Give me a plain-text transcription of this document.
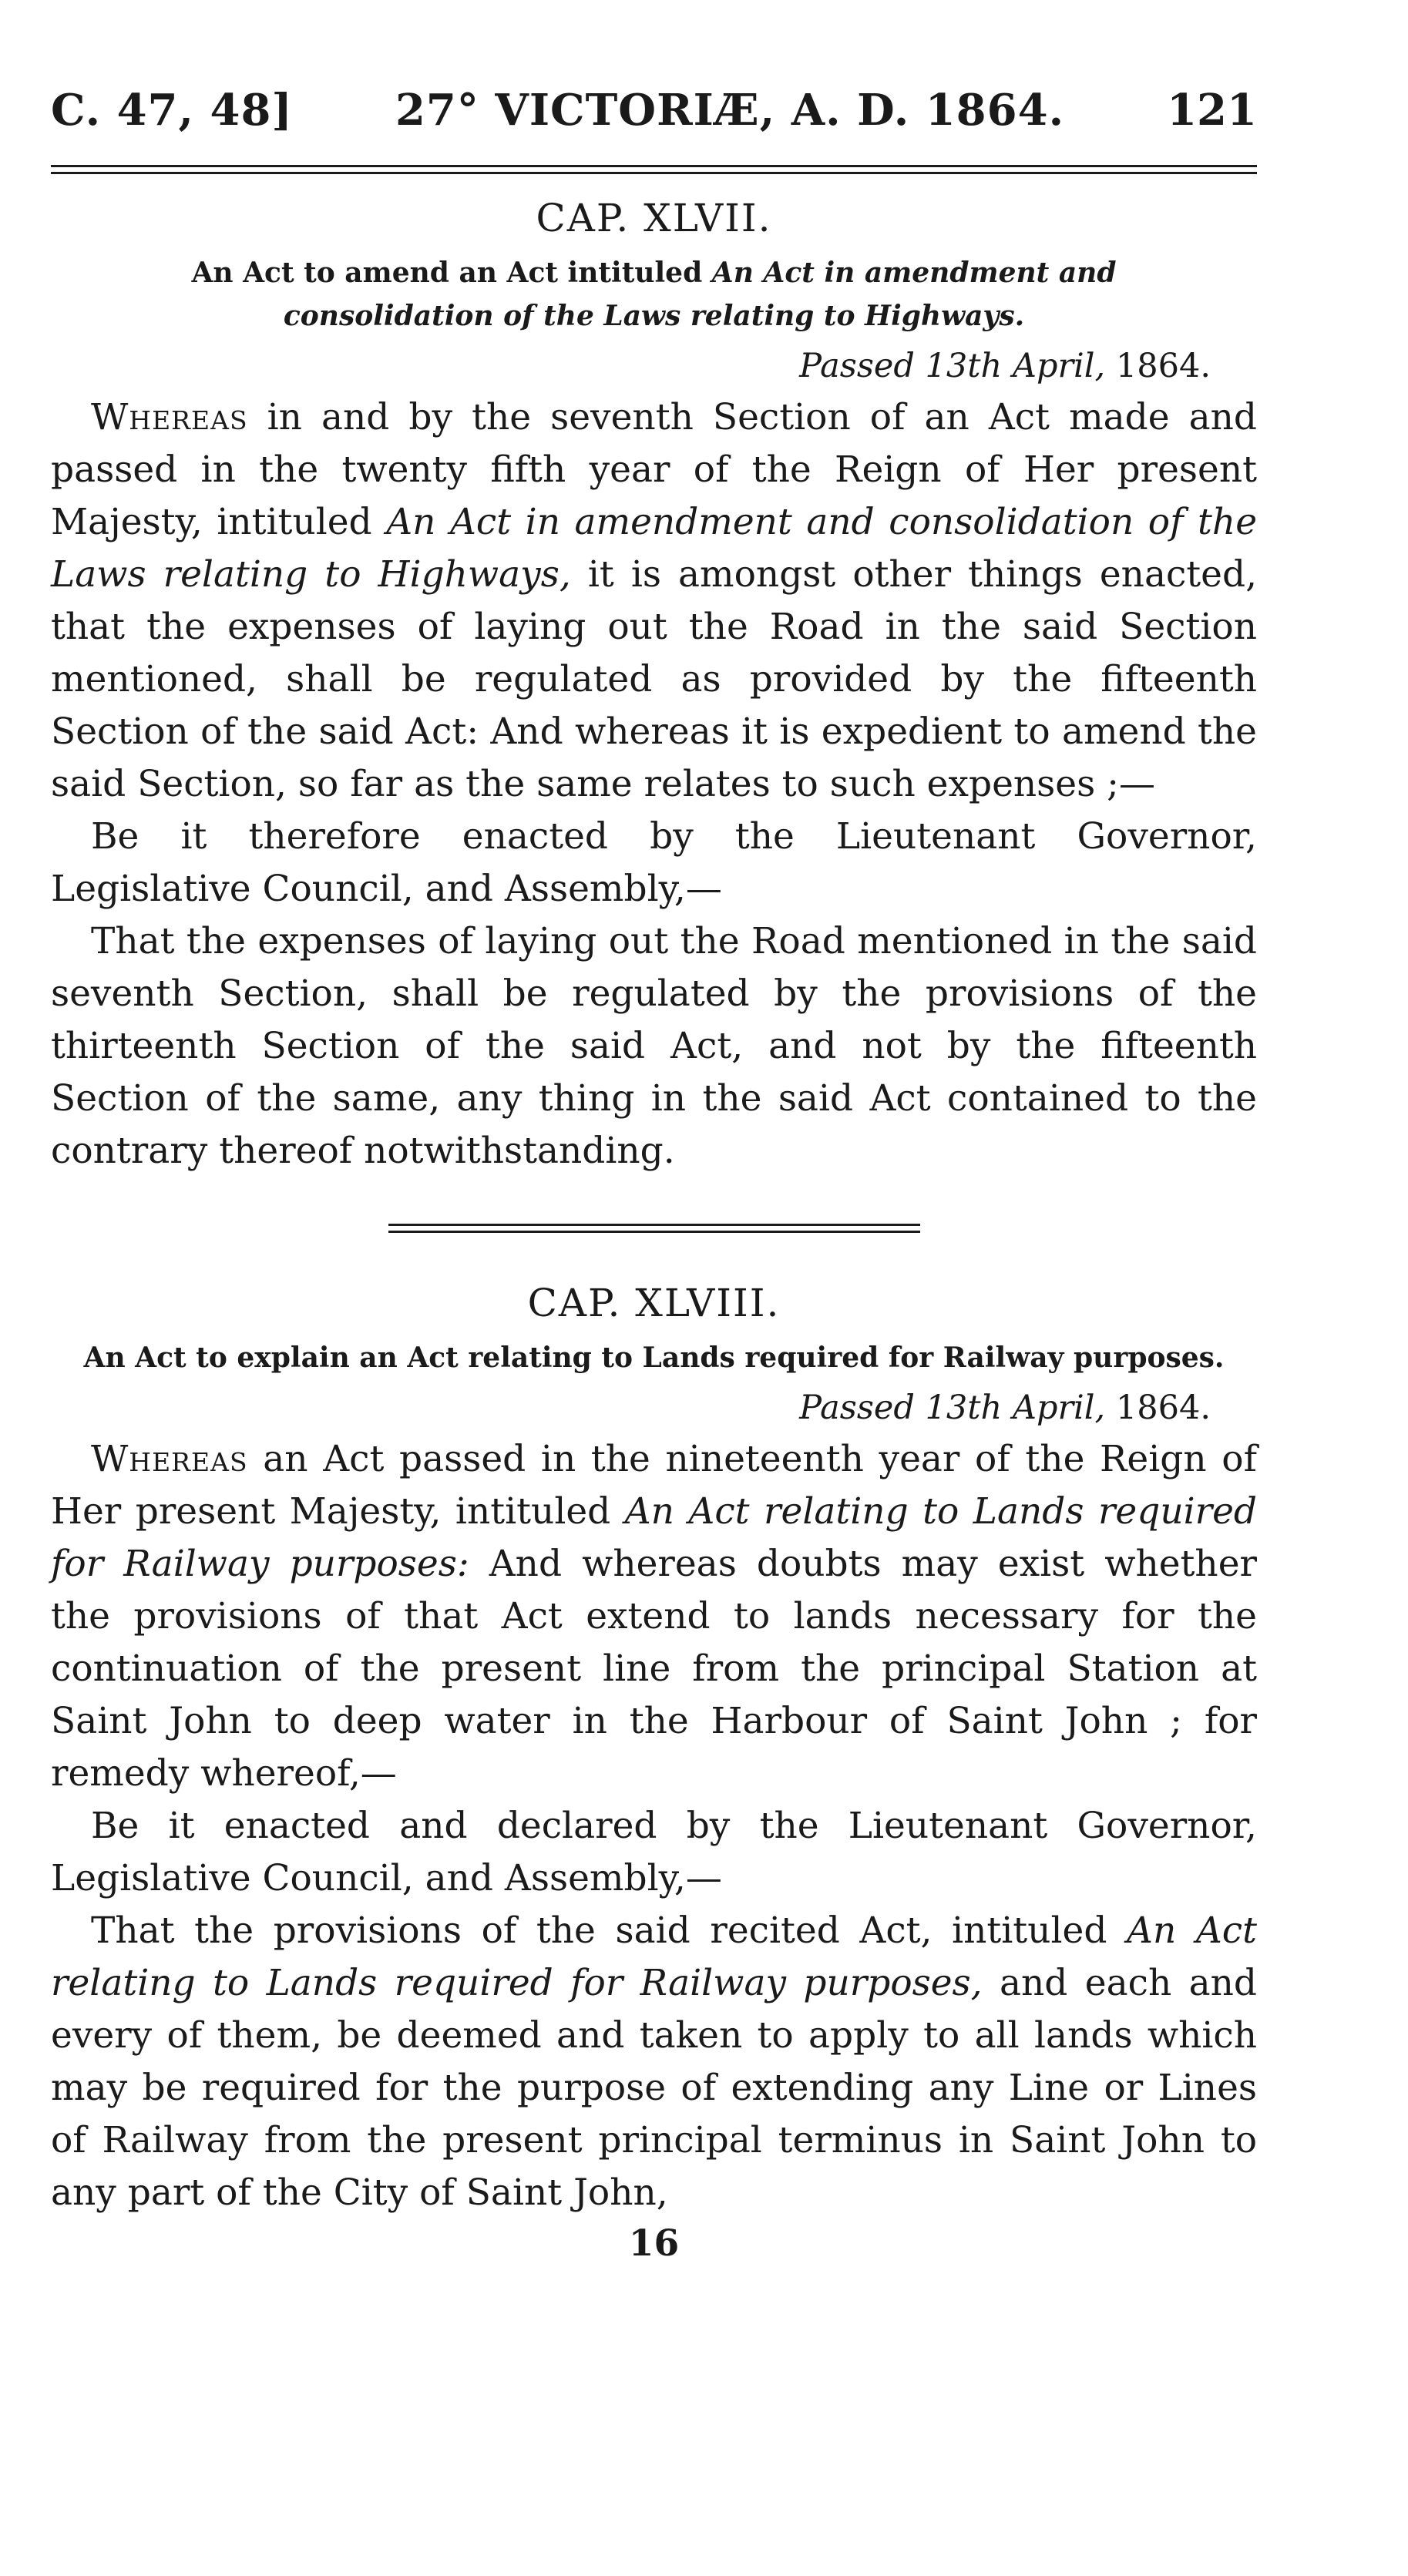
C. 47, 48] 27° VICTORIÆ, A. D. 1864. 121
CAP. XLVII.
An Act to amend an Act intituled An Act in amendment and consolidation of the Laws relating to Highways.
Passed 13th April, 1864.

Whereas in and by the seventh Section of an Act made and passed in the twenty fifth year of the Reign of Her present Majesty, intituled An Act in amendment and consolidation of the Laws relating to Highways, it is amongst other things enacted, that the expenses of laying out the Road in the said Section mentioned, shall be regulated as provided by the fifteenth Section of the said Act: And whereas it is expedient to amend the said Section, so far as the same relates to such expenses ;—

Be it therefore enacted by the Lieutenant Governor, Legislative Council, and Assembly,—

That the expenses of laying out the Road mentioned in the said seventh Section, shall be regulated by the provisions of the thirteenth Section of the said Act, and not by the fifteenth Section of the same, any thing in the said Act contained to the contrary thereof notwithstanding.

CAP. XLVIII.
An Act to explain an Act relating to Lands required for Railway purposes.
Passed 13th April, 1864.

Whereas an Act passed in the nineteenth year of the Reign of Her present Majesty, intituled An Act relating to Lands required for Railway purposes: And whereas doubts may exist whether the provisions of that Act extend to lands necessary for the continuation of the present line from the principal Station at Saint John to deep water in the Harbour of Saint John ; for remedy whereof,—

Be it enacted and declared by the Lieutenant Governor, Legislative Council, and Assembly,—

That the provisions of the said recited Act, intituled An Act relating to Lands required for Railway purposes, and each and every of them, be deemed and taken to apply to all lands which may be required for the purpose of extending any Line or Lines of Railway from the present principal terminus in Saint John to any part of the City of Saint John,

16
